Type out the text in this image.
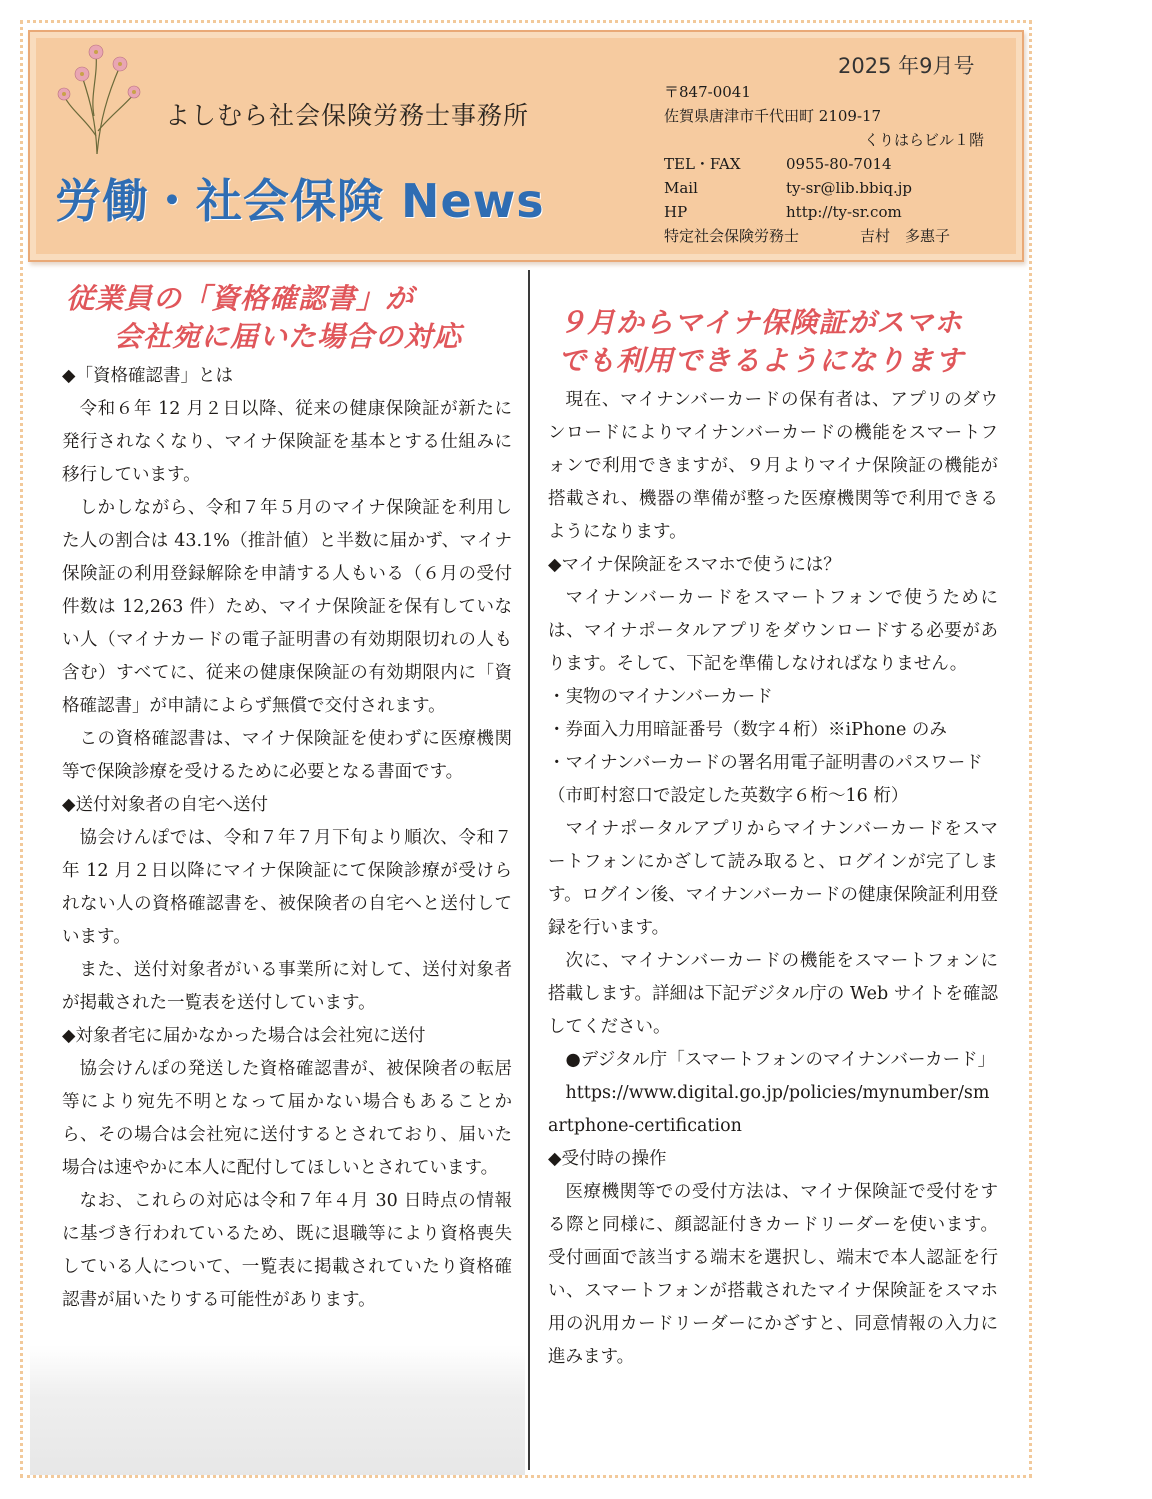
よしむら社会保険労務士事務所
労働・社会保険 News
2025 年9月号
〒847-0041
佐賀県唐津市千代田町 2109-17
くりはらビル１階
TEL・FAX	0955-80-7014
Mail	ty-sr@lib.bbiq.jp
HP	http://ty-sr.com
特定社会保険労務士	吉村　多惠子
従業員の「資格確認書」が
会社宛に届いた場合の対応
◆「資格確認書」とは
令和６年 12 月２日以降、従来の健康保険証が新たに発行されなくなり、マイナ保険証を基本とする仕組みに移行しています。
しかしながら、令和７年５月のマイナ保険証を利用した人の割合は 43.1%（推計値）と半数に届かず、マイナ保険証の利用登録解除を申請する人もいる（６月の受付件数は 12,263 件）ため、マイナ保険証を保有していない人（マイナカードの電子証明書の有効期限切れの人も含む）すべてに、従来の健康保険証の有効期限内に「資格確認書」が申請によらず無償で交付されます。
この資格確認書は、マイナ保険証を使わずに医療機関等で保険診療を受けるために必要となる書面です。
◆送付対象者の自宅へ送付
協会けんぽでは、令和７年７月下旬より順次、令和７年 12 月２日以降にマイナ保険証にて保険診療が受けられない人の資格確認書を、被保険者の自宅へと送付しています。
また、送付対象者がいる事業所に対して、送付対象者が掲載された一覧表を送付しています。
◆対象者宅に届かなかった場合は会社宛に送付
協会けんぽの発送した資格確認書が、被保険者の転居等により宛先不明となって届かない場合もあることから、その場合は会社宛に送付するとされており、届いた場合は速やかに本人に配付してほしいとされています。
なお、これらの対応は令和７年４月 30 日時点の情報に基づき行われているため、既に退職等により資格喪失している人について、一覧表に掲載されていたり資格確認書が届いたりする可能性があります。
９月からマイナ保険証がスマホ
でも利用できるようになります
現在、マイナンバーカードの保有者は、アプリのダウンロードによりマイナンバーカードの機能をスマートフォンで利用できますが、９月よりマイナ保険証の機能が搭載され、機器の準備が整った医療機関等で利用できるようになります。
◆マイナ保険証をスマホで使うには？
マイナンバーカードをスマートフォンで使うためには、マイナポータルアプリをダウンロードする必要があります。そして、下記を準備しなければなりません。
・実物のマイナンバーカード
・券面入力用暗証番号（数字４桁）※iPhone のみ
・マイナンバーカードの署名用電子証明書のパスワード（市町村窓口で設定した英数字６桁～16 桁）
マイナポータルアプリからマイナンバーカードをスマートフォンにかざして読み取ると、ログインが完了します。ログイン後、マイナンバーカードの健康保険証利用登録を行います。
次に、マイナンバーカードの機能をスマートフォンに搭載します。詳細は下記デジタル庁の Web サイトを確認してください。
●デジタル庁「スマートフォンのマイナンバーカード」
https://www.digital.go.jp/policies/mynumber/smartphone-certification
◆受付時の操作
医療機関等での受付方法は、マイナ保険証で受付をする際と同様に、顔認証付きカードリーダーを使います。受付画面で該当する端末を選択し、端末で本人認証を行い、スマートフォンが搭載されたマイナ保険証をスマホ用の汎用カードリーダーにかざすと、同意情報の入力に進みます。
